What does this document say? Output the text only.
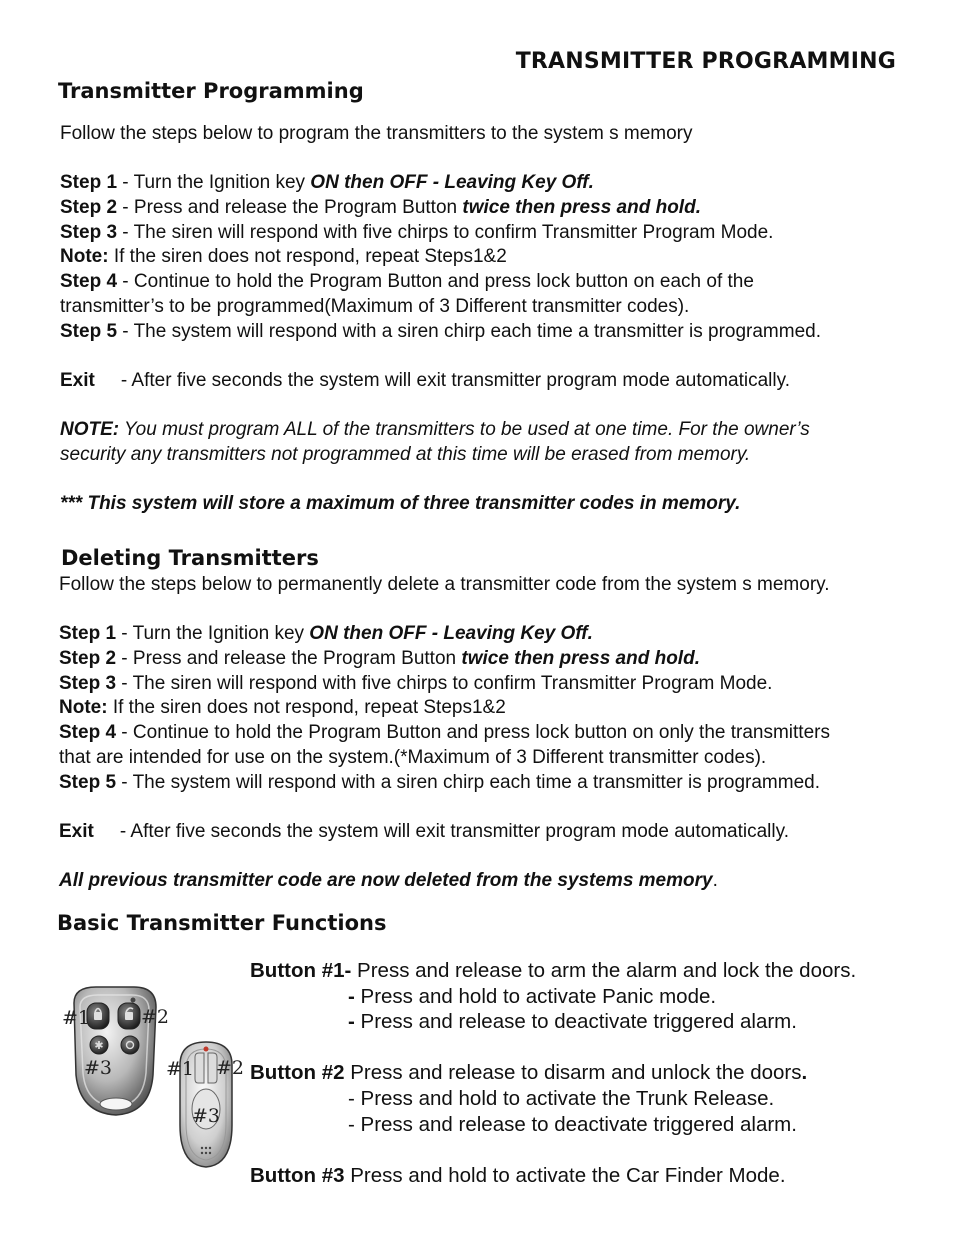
TRANSMITTER PROGRAMMING
Transmitter Programming
Follow the steps below to program the transmitters to the system s memory
Step 1 - Turn the Ignition key ON then OFF - Leaving Key Off.
Step 2 - Press and release the Program Button twice then press and hold.
Step 3 - The siren will respond with five chirps to confirm Transmitter Program Mode.
Note: If the siren does not respond, repeat Steps1&2
Step 4 - Continue to hold the Program Button and press lock button on each of the
transmitter’s to be programmed(Maximum of 3 Different transmitter codes).
Step 5 - The system will respond with a siren chirp each time a transmitter is programmed.
Exit - After five seconds the system will exit transmitter program mode automatically.
NOTE: You must program ALL of the transmitters to be used at one time. For the owner’s
security any transmitters not programmed at this time will be erased from memory.
*** This system will store a maximum of three transmitter codes in memory.
Deleting Transmitters
Follow the steps below to permanently delete a transmitter code from the system s memory.
Step 1 - Turn the Ignition key ON then OFF - Leaving Key Off.
Step 2 - Press and release the Program Button twice then press and hold.
Step 3 - The siren will respond with five chirps to confirm Transmitter Program Mode.
Note: If the siren does not respond, repeat Steps1&2
Step 4 - Continue to hold the Program Button and press lock button on only the transmitters
that are intended for use on the system.(*Maximum of 3 Different transmitter codes).
Step 5 - The system will respond with a siren chirp each time a transmitter is programmed.
Exit - After five seconds the system will exit transmitter program mode automatically.
All previous transmitter code are now deleted from the systems memory.
Basic Transmitter Functions
Button #1- Press and release to arm the alarm and lock the doors.
- Press and hold to activate Panic mode.
- Press and release to deactivate triggered alarm.
Button #2 Press and release to disarm and unlock the doors.
- Press and hold to activate the Trunk Release.
- Press and release to deactivate triggered alarm.
Button #3 Press and hold to activate the Car Finder Mode.
✱
#1	#2
#3	#1 #2
#3
